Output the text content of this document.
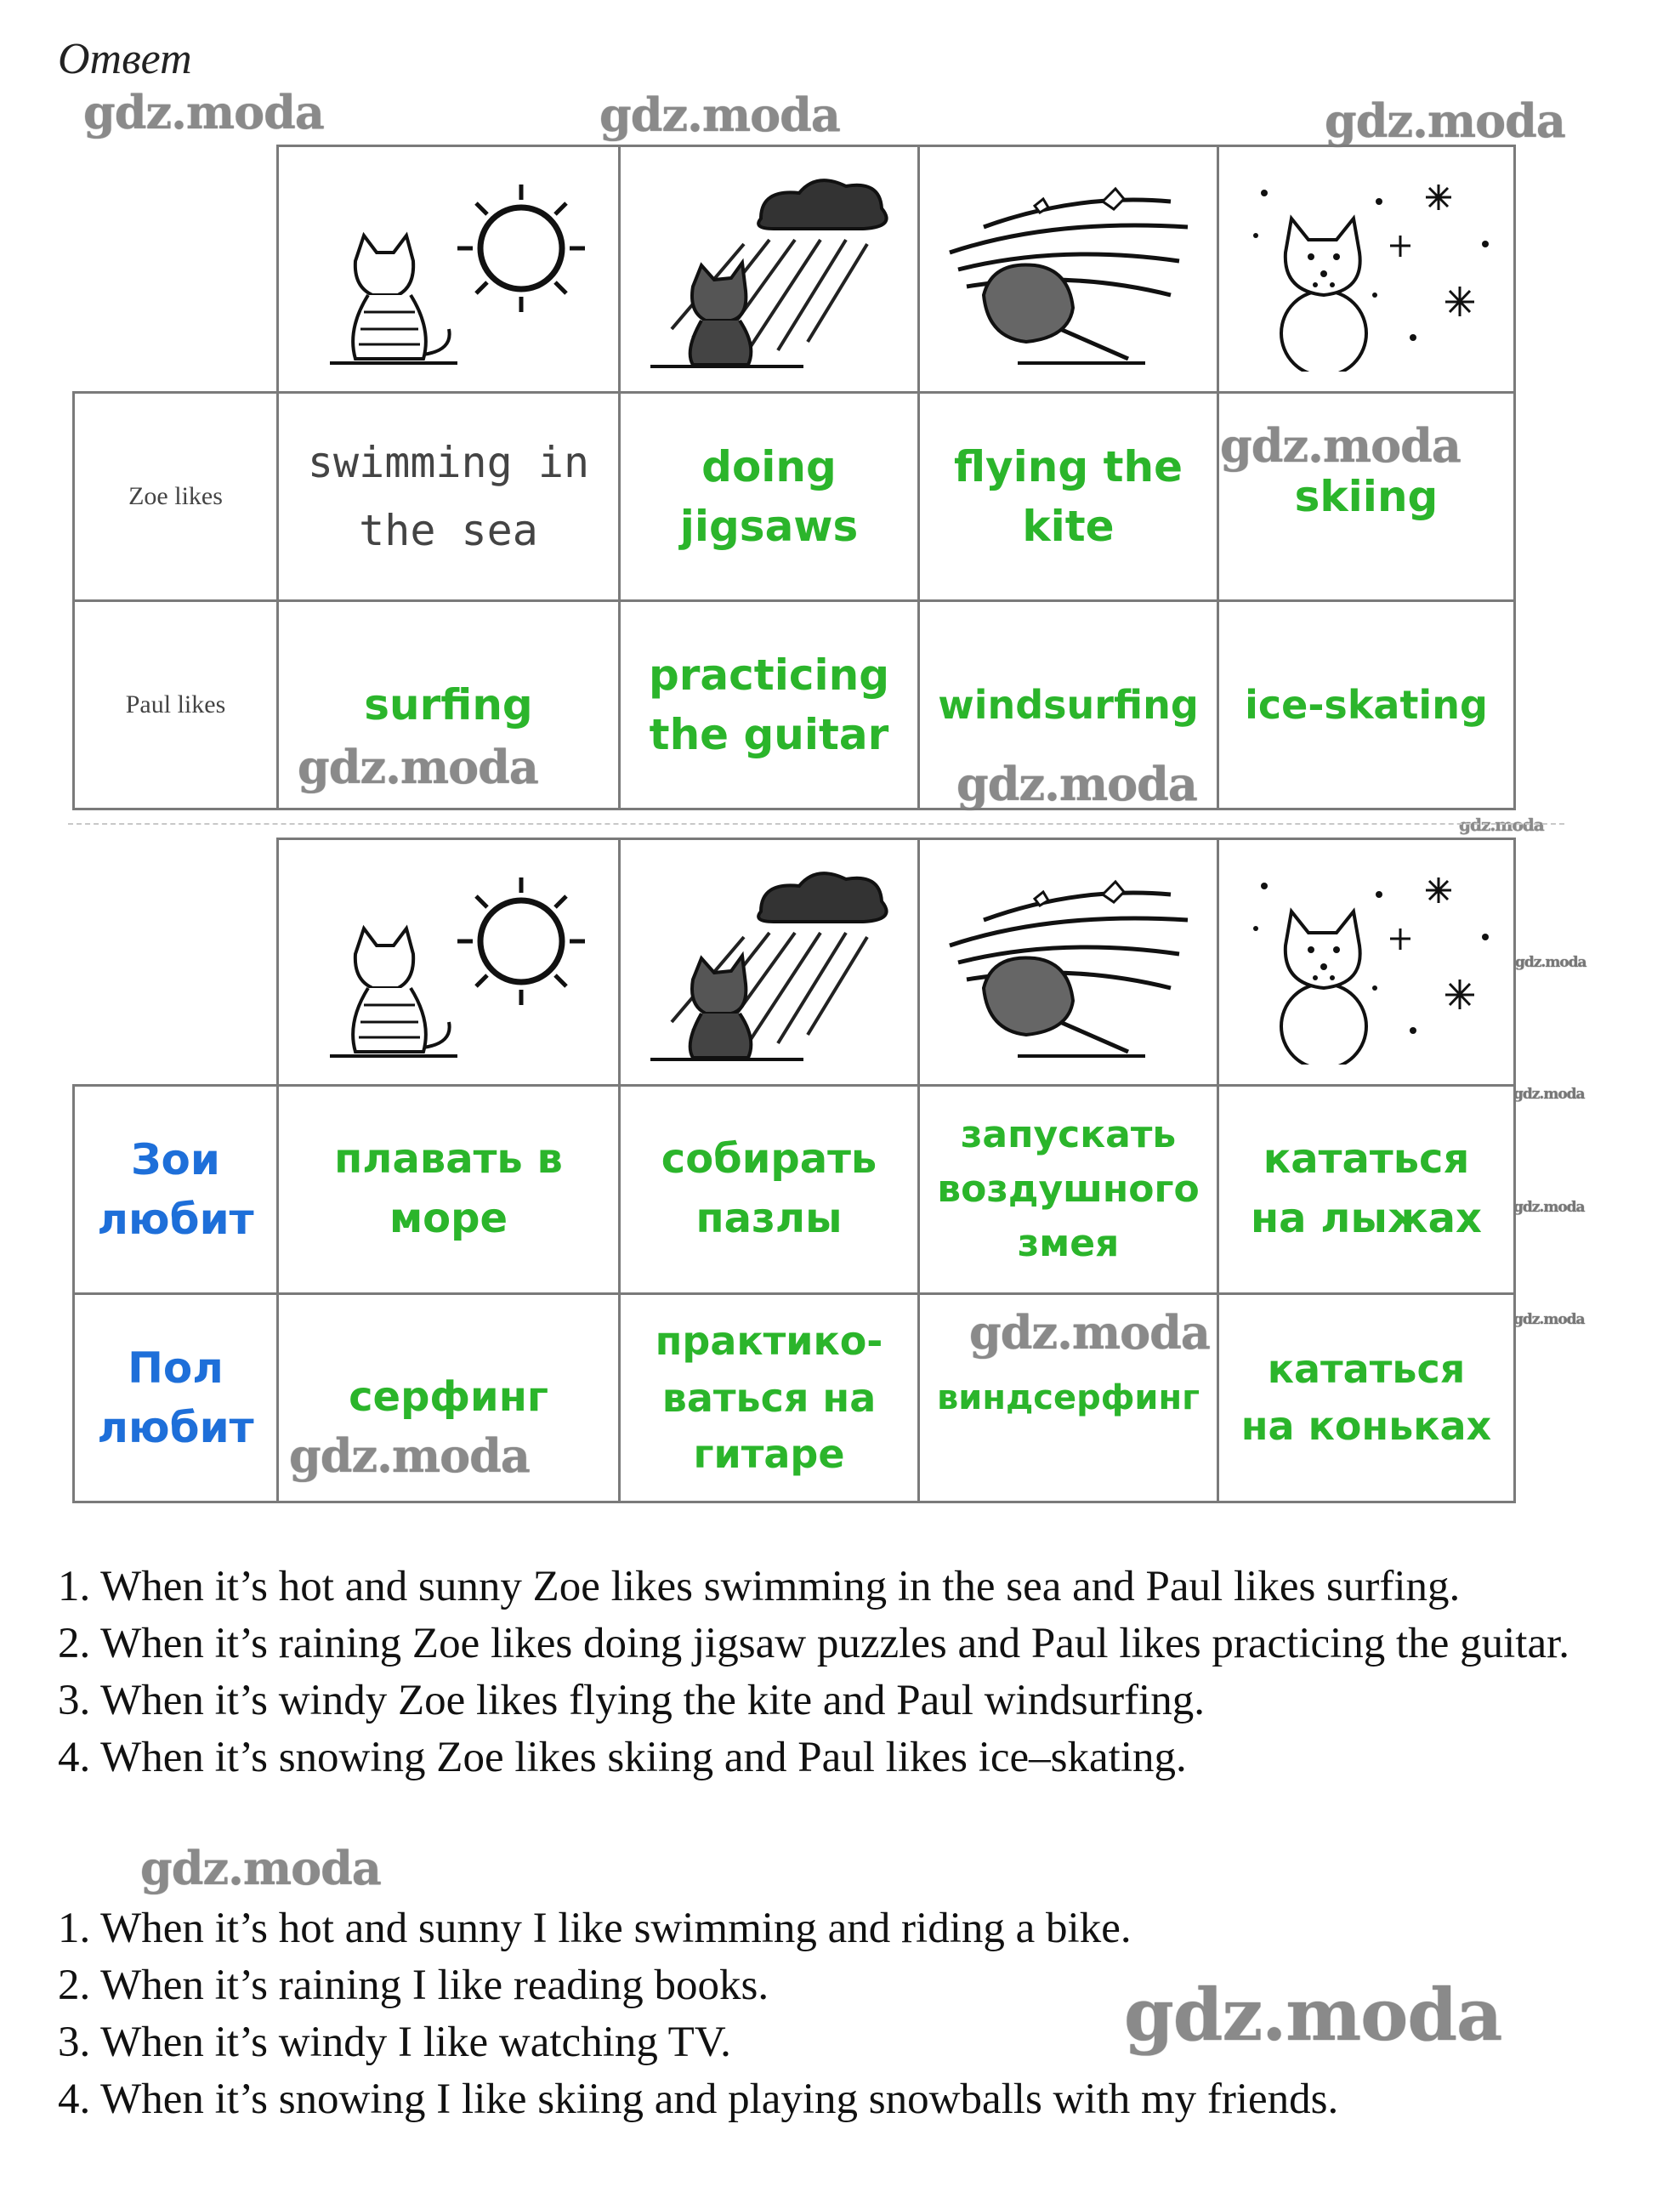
Ответ
gdz.moda	gdz.moda	gdz.moda
gdz.moda
gdz.moda	gdz.moda
gdz.moda
gdz.moda
gdz.moda
gdz.moda
gdz.moda
gdz.moda
gdz.moda
gdz.moda
gdz.moda

Zoe likes	swimming in the sea	doing jigsaws	flying the kite	skiing
Paul likes	surfing	practicing the guitar	windsurfing	ice-skating

Зои любит	плавать в море	собирать пазлы	запускать воздушного змея	кататься на лыжах
Пол любит	серфинг	практико-ваться на гитаре	виндсерфинг	кататься на коньках

1. When it’s hot and sunny Zoe likes swimming in the sea and Paul likes surfing.

2. When it’s raining Zoe likes doing jigsaw puzzles and Paul likes practicing the guitar.

3. When it’s windy Zoe likes flying the kite and Paul windsurfing.

4. When it’s snowing Zoe likes skiing and Paul likes ice–skating.

1. When it’s hot and sunny I like swimming and riding a bike.

2. When it’s raining I like reading books.

3. When it’s windy I like watching TV.

4. When it’s snowing I like skiing and playing snowballs with my friends.
